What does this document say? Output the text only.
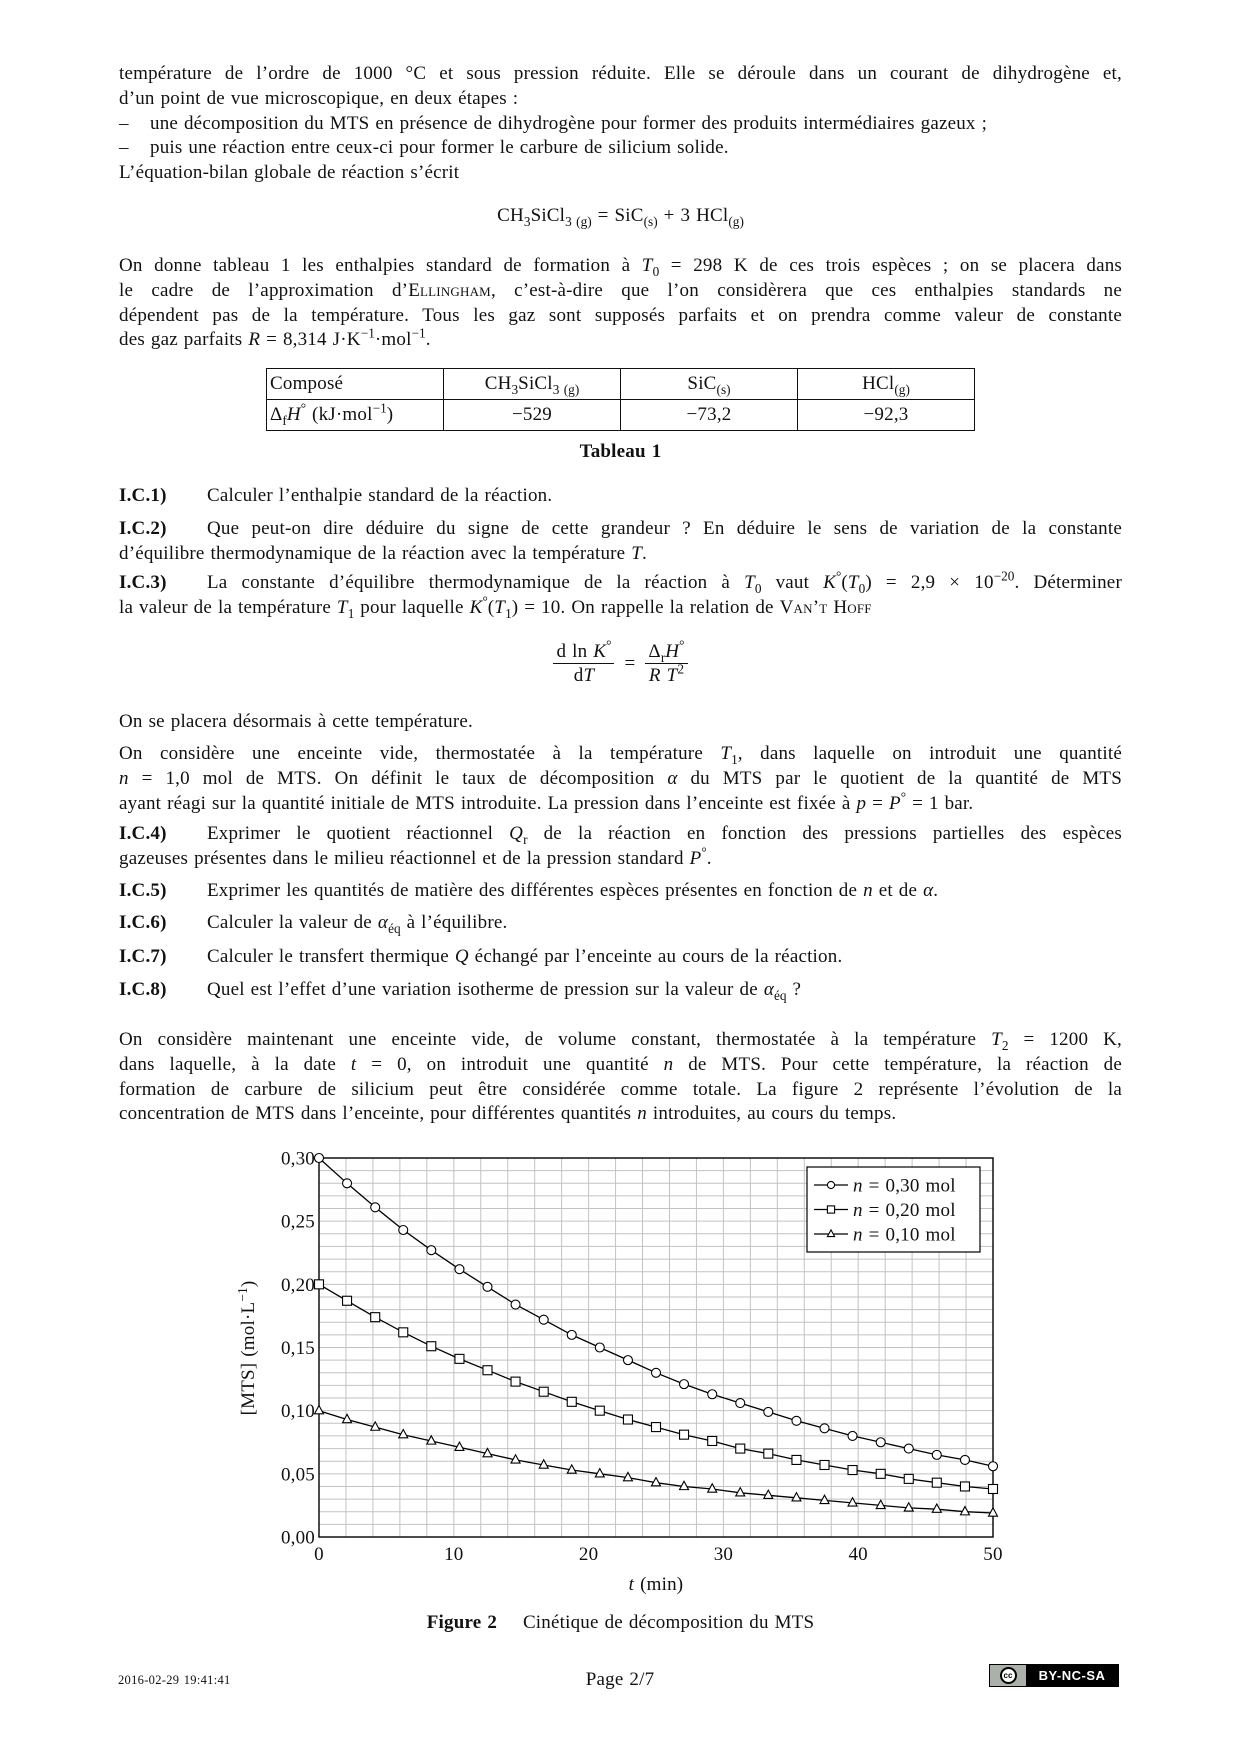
température de l’ordre de 1000 °C et sous pression réduite. Elle se déroule dans un courant de dihydrogène et,
d’un point de vue microscopique, en deux étapes :
– une décomposition du MTS en présence de dihydrogène pour former des produits intermédiaires gazeux ;
– puis une réaction entre ceux-ci pour former le carbure de silicium solide.
L’équation-bilan globale de réaction s’écrit
$CH_3SiCl_{3 (g)} = SiC_{(s)} + 3$ HCl$_{(g)}$
On donne tableau 1 les enthalpies standard de formation à $T_0 = 298$ K de ces trois espèces ; on se placera dans
le cadre de l’approximation d’Ellingham, c’est-à-dire que l’on considèrera que ces enthalpies standards ne
dépendent pas de la température. Tous les gaz sont supposés parfaits et on prendra comme valeur de constante
des gaz parfaits R = 8,314 $J\cdot K^{-1}\cdot mol^{-1}$.
Composé	$CH_3SiCl_{3 (g)}$	SiC$_{(s)}$	HCl$_{(g)}$
$\Delta_fH^\circ$ (kJ·mol$^{-1}$)	−529	−73,2	−92,3
Tableau 1
I.C.1) Calculer l’enthalpie standard de la réaction.
I.C.2) Que peut-on dire déduire du signe de cette grandeur ? En déduire le sens de variation de la constante
d’équilibre thermodynamique de la réaction avec la température T.
I.C.3) La constante d’équilibre thermodynamique de la réaction à $T_0$ vaut $K^\circ(T_0) = 2,9 \times 10^{-20}$. Déterminer
la valeur de la température $T_1$ pour laquelle $K^\circ(T_1) = 10$. On rappelle la relation de Van’t Hoff
$\frac{d \ln K^\circ}{dT} = \frac{\Delta_rH^\circ}{R T^2}$
On se placera désormais à cette température.
On considère une enceinte vide, thermostatée à la température $T_1$, dans laquelle on introduit une quantité
n = 1,0 mol de MTS. On définit le taux de décomposition α du MTS par le quotient de la quantité de MTS
ayant réagi sur la quantité initiale de MTS introduite. La pression dans l’enceinte est fixée à p = P° = 1 bar.
I.C.4) Exprimer le quotient réactionnel $Q_r$ de la réaction en fonction des pressions partielles des espèces
gazeuses présentes dans le milieu réactionnel et de la pression standard P°.
I.C.5) Exprimer les quantités de matière des différentes espèces présentes en fonction de n et de α.
I.C.6) Calculer la valeur de $\alpha_{éq}$ à l’équilibre.
I.C.7) Calculer le transfert thermique Q échangé par l’enceinte au cours de la réaction.
I.C.8) Quel est l’effet d’une variation isotherme de pression sur la valeur de $\alpha_{éq}$ ?
On considère maintenant une enceinte vide, de volume constant, thermostatée à la température $T_2 = 1200$ K,
dans laquelle, à la date t = 0, on introduit une quantité n de MTS. Pour cette température, la réaction de
formation de carbure de silicium peut être considérée comme totale. La figure 2 représente l’évolution de la
concentration de MTS dans l’enceinte, pour différentes quantités n introduites, au cours du temps.
0,00
0,05
0,10
0,15
0,20
0,25
0,30
0	10	20	30	40	50
[MTS] $(mol\cdot L^{-1})$
t (min)
n = 0,30 mol
n = 0,20 mol
n = 0,10 mol
Figure 2 Cinétique de décomposition du MTS
2016-02-29 19:41:41	Page 2/7	cc	BY-NC-SA
